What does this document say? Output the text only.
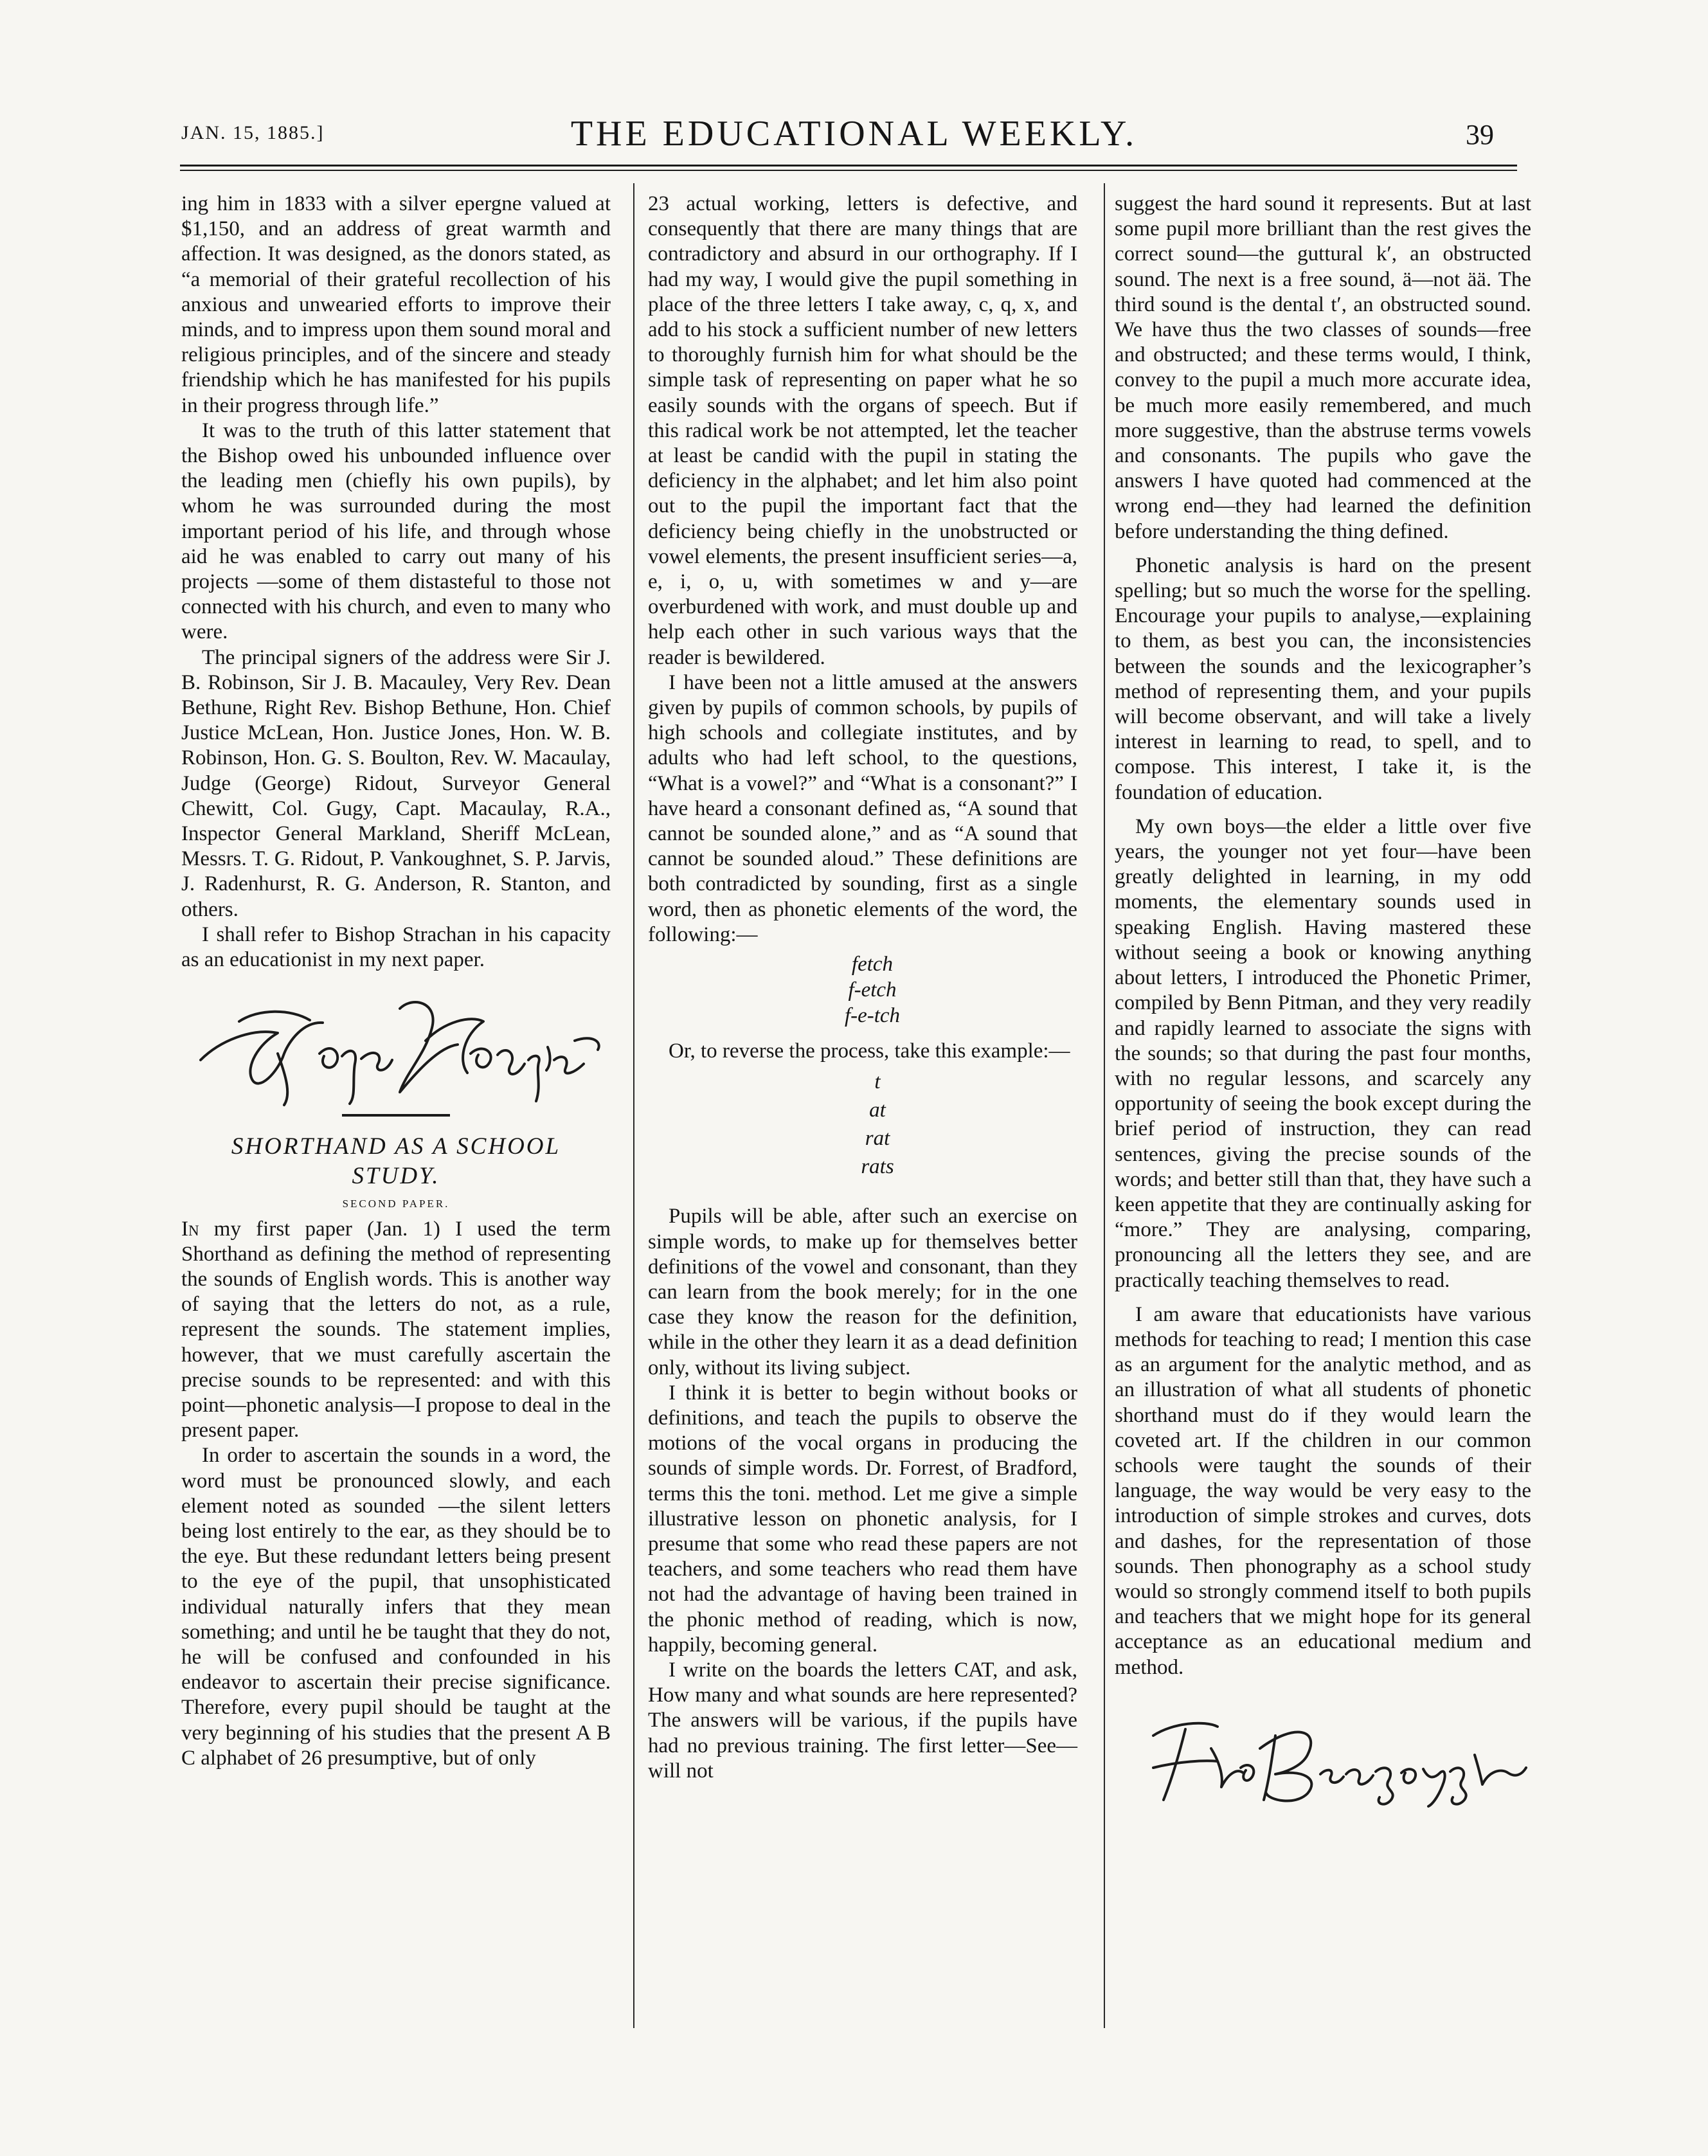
JAN. 15, 1885.]	THE EDUCATIONAL WEEKLY.	39

ing him in 1833 with a silver epergne valued at $1,150, and an address of great warmth and affection. It was designed, as the donors stated, as “a memorial of their grateful recollection of his anxious and unwearied efforts to improve their minds, and to impress upon them sound moral and religious principles, and of the sincere and steady friendship which he has manifested for his pupils in their progress through life.”

It was to the truth of this latter statement that the Bishop owed his unbounded influence over the leading men (chiefly his own pupils), by whom he was surrounded during the most important period of his life, and through whose aid he was enabled to carry out many of his projects —some of them distasteful to those not connected with his church, and even to many who were.

The principal signers of the address were Sir J. B. Robinson, Sir J. B. Macauley, Very Rev. Dean Bethune, Right Rev. Bishop Bethune, Hon. Chief Justice McLean, Hon. Justice Jones, Hon. W. B. Robinson, Hon. G. S. Boulton, Rev. W. Macaulay, Judge (George) Ridout, Surveyor General Chewitt, Col. Gugy, Capt. Macaulay, R.A., Inspector General Markland, Sheriff McLean, Messrs. T. G. Ridout, P. Vankoughnet, S. P. Jarvis, J. Radenhurst, R. G. Anderson, R. Stanton, and others.

I shall refer to Bishop Strachan in his capacity as an educationist in my next paper.

SHORTHAND AS A SCHOOL

STUDY.

SECOND PAPER.

In my first paper (Jan. 1) I used the term Shorthand as defining the method of representing the sounds of English words. This is another way of saying that the letters do not, as a rule, represent the sounds. The statement implies, however, that we must carefully ascertain the precise sounds to be represented: and with this point—phonetic analysis—I propose to deal in the present paper.

In order to ascertain the sounds in a word, the word must be pronounced slowly, and each element noted as sounded —the silent letters being lost entirely to the ear, as they should be to the eye. But these redundant letters being present to the eye of the pupil, that unsophisticated individual naturally infers that they mean something; and until he be taught that they do not, he will be confused and confounded in his endeavor to ascertain their precise significance. Therefore, every pupil should be taught at the very beginning of his studies that the present A B C alphabet of 26 presumptive, but of only

23 actual working, letters is defective, and consequently that there are many things that are contradictory and absurd in our orthography. If I had my way, I would give the pupil something in place of the three letters I take away, c, q, x, and add to his stock a sufficient number of new letters to thoroughly furnish him for what should be the simple task of representing on paper what he so easily sounds with the organs of speech. But if this radical work be not attempted, let the teacher at least be candid with the pupil in stating the deficiency in the alphabet; and let him also point out to the pupil the important fact that the deficiency being chiefly in the unobstructed or vowel elements, the present insufficient series—a, e, i, o, u, with sometimes w and y—are overburdened with work, and must double up and help each other in such various ways that the reader is bewildered.

I have been not a little amused at the answers given by pupils of common schools, by pupils of high schools and collegiate institutes, and by adults who had left school, to the questions, “What is a vowel?” and “What is a consonant?” I have heard a consonant defined as, “A sound that cannot be sounded alone,” and as “A sound that cannot be sounded aloud.” These definitions are both contradicted by sounding, first as a single word, then as phonetic elements of the word, the following:—

fetch
f-etch
f-e-tch

Or, to reverse the process, take this example:—

t
at
rat
rats

Pupils will be able, after such an exercise on simple words, to make up for themselves better definitions of the vowel and consonant, than they can learn from the book merely; for in the one case they know the reason for the definition, while in the other they learn it as a dead definition only, without its living subject.

I think it is better to begin without books or definitions, and teach the pupils to observe the motions of the vocal organs in producing the sounds of simple words. Dr. Forrest, of Bradford, terms this the toni. method. Let me give a simple illustrative lesson on phonetic analysis, for I presume that some who read these papers are not teachers, and some teachers who read them have not had the advantage of having been trained in the phonic method of reading, which is now, happily, becoming general.

I write on the boards the letters CAT, and ask, How many and what sounds are here represented? The answers will be various, if the pupils have had no previous training. The first letter—See—will not

suggest the hard sound it represents. But at last some pupil more brilliant than the rest gives the correct sound—the guttural k′, an obstructed sound. The next is a free sound, ä—not ää. The third sound is the dental t′, an obstructed sound. We have thus the two classes of sounds—free and obstructed; and these terms would, I think, convey to the pupil a much more accurate idea, be much more easily remembered, and much more suggestive, than the abstruse terms vowels and consonants. The pupils who gave the answers I have quoted had commenced at the wrong end—they had learned the definition before understanding the thing defined.

Phonetic analysis is hard on the present spelling; but so much the worse for the spelling. Encourage your pupils to analyse,—explaining to them, as best you can, the inconsistencies between the sounds and the lexicographer’s method of representing them, and your pupils will become observant, and will take a lively interest in learning to read, to spell, and to compose. This interest, I take it, is the foundation of education.

My own boys—the elder a little over five years, the younger not yet four—have been greatly delighted in learning, in my odd moments, the elementary sounds used in speaking English. Having mastered these without seeing a book or knowing anything about letters, I introduced the Phonetic Primer, compiled by Benn Pitman, and they very readily and rapidly learned to associate the signs with the sounds; so that during the past four months, with no regular lessons, and scarcely any opportunity of seeing the book except during the brief period of instruction, they can read sentences, giving the precise sounds of the words; and better still than that, they have such a keen appetite that they are continually asking for “more.” They are analysing, comparing, pronouncing all the letters they see, and are practically teaching themselves to read.

I am aware that educationists have various methods for teaching to read; I mention this case as an argument for the analytic method, and as an illustration of what all students of phonetic shorthand must do if they would learn the coveted art. If the children in our common schools were taught the sounds of their language, the way would be very easy to the introduction of simple strokes and curves, dots and dashes, for the representation of those sounds. Then phonography as a school study would so strongly commend itself to both pupils and teachers that we might hope for its general acceptance as an educational medium and method.
